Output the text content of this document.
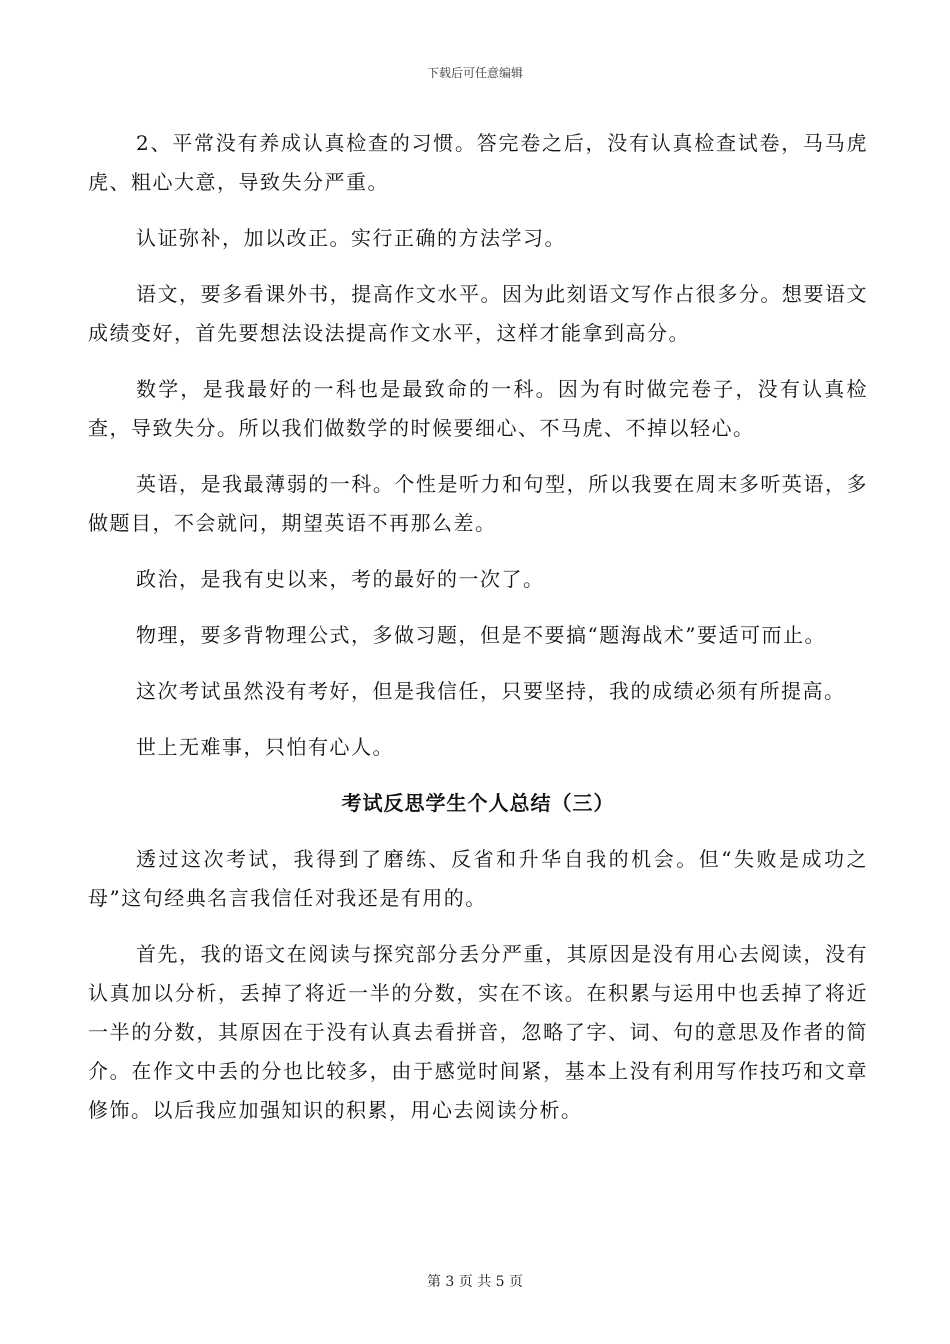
下载后可任意编辑

2、平常没有养成认真检查的习惯。答完卷之后，没有认真检查试卷，马马虎虎、粗心大意，导致失分严重。

认证弥补，加以改正。实行正确的方法学习。

语文，要多看课外书，提高作文水平。因为此刻语文写作占很多分。想要语文成绩变好，首先要想法设法提高作文水平，这样才能拿到高分。

数学，是我最好的一科也是最致命的一科。因为有时做完卷子，没有认真检查，导致失分。所以我们做数学的时候要细心、不马虎、不掉以轻心。

英语，是我最薄弱的一科。个性是听力和句型，所以我要在周末多听英语，多做题目，不会就问，期望英语不再那么差。

政治，是我有史以来，考的最好的一次了。

物理，要多背物理公式，多做习题，但是不要搞“题海战术”要适可而止。

这次考试虽然没有考好，但是我信任，只要坚持，我的成绩必须有所提高。

世上无难事，只怕有心人。

考试反思学生个人总结（三）

透过这次考试，我得到了磨练、反省和升华自我的机会。但“失败是成功之母”这句经典名言我信任对我还是有用的。

首先，我的语文在阅读与探究部分丢分严重，其原因是没有用心去阅读，没有认真加以分析，丢掉了将近一半的分数，实在不该。在积累与运用中也丢掉了将近一半的分数，其原因在于没有认真去看拼音，忽略了字、词、句的意思及作者的简介。在作文中丢的分也比较多，由于感觉时间紧，基本上没有利用写作技巧和文章修饰。以后我应加强知识的积累，用心去阅读分析。

第 3 页 共 5 页
